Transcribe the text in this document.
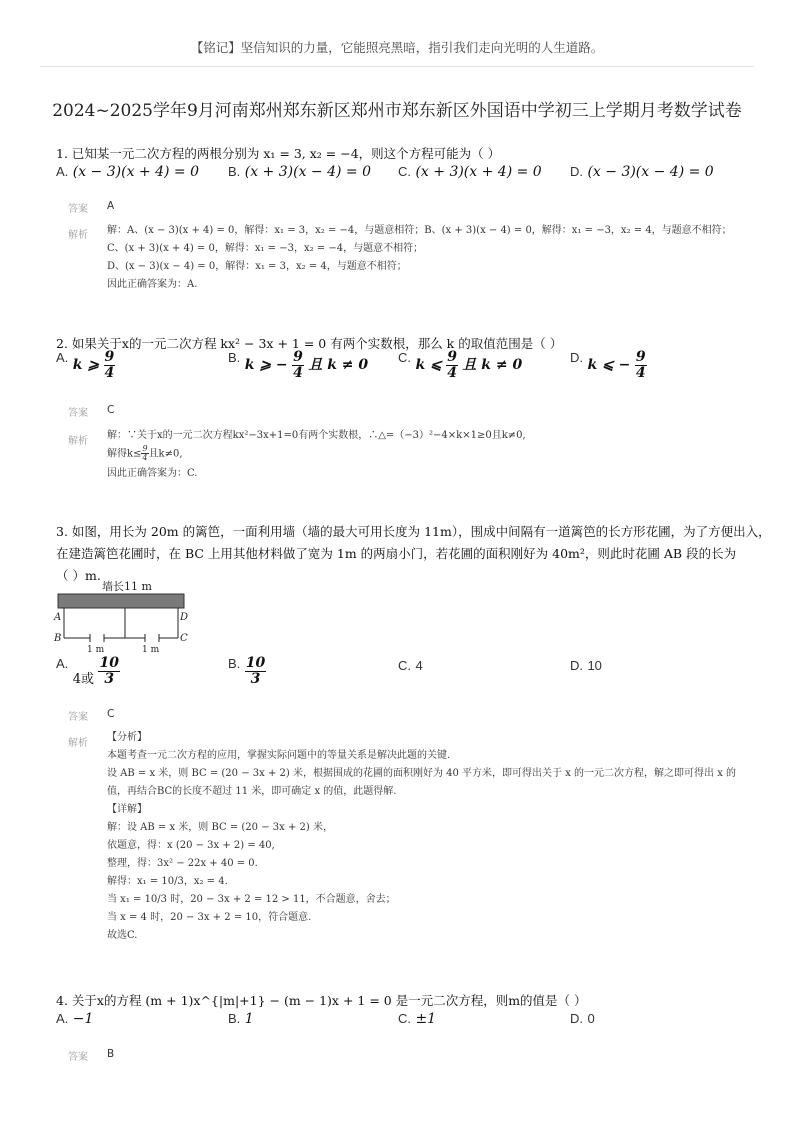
【铭记】坚信知识的力量，它能照亮黑暗，指引我们走向光明的人生道路。
2024~2025学年9月河南郑州郑东新区郑州市郑东新区外国语中学初三上学期月考数学试卷
1. 已知某一元二次方程的两根分别为 x₁ = 3, x₂ = −4，则这个方程可能为（ ）
A. (x − 3)(x + 4) = 0 B. (x + 3)(x − 4) = 0 C. (x + 3)(x + 4) = 0 D. (x − 3)(x − 4) = 0
答案 A
解析 解：A、(x − 3)(x + 4) = 0，解得：x₁ = 3，x₂ = −4，与题意相符；B、(x + 3)(x − 4) = 0，解得：x₁ = −3，x₂ = 4，与题意不相符；
C、(x + 3)(x + 4) = 0，解得：x₁ = −3，x₂ = −4，与题意不相符；
D、(x − 3)(x − 4) = 0，解得：x₁ = 3，x₂ = 4，与题意不相符；
因此正确答案为：A.
2. 如果关于x的一元二次方程 kx² − 3x + 1 = 0 有两个实数根，那么 k 的取值范围是（ ）
A. k ⩾ $\frac{9}{4}$	B. k ⩾ − $\frac{9}{4}$ 且 k ≠ 0 C. k ⩽ $\frac{9}{4}$ 且 k ≠ 0	D. k ⩽ − $\frac{9}{4}$
答案 C
解析
解：∵关于x的一元二次方程kx²−3x+1=0有两个实数根，∴△=（−3）²−4×k×1≥0且k≠0,
解得$k\le \frac{9}{4}$ 且k≠0,
因此正确答案为：C.
3. 如图，用长为 20m 的篱笆，一面利用墙（墙的最大可用长度为 11m），围成中间隔有一道篱笆的长方形花圃，为了方便出入，
在建造篱笆花圃时，在 BC 上用其他材料做了宽为 1m 的两扇小门，若花圃的面积刚好为 40m²，则此时花圃 AB 段的长为
（ ）m.
墙长11 m
A	D
B	C
1 m	1 m
A. 4或 $\frac{10}{3}$	B. $\frac{10}{3}$	C. 4	D. 10
答案 C
解析
【分析】
本题考查一元二次方程的应用，掌握实际问题中的等量关系是解决此题的关键.
设 AB = x 米，则 BC = (20 − 3x + 2) 米，根据围成的花圃的面积刚好为 40 平方米，即可得出关于 x 的一元二次方程，解之即可得出 x 的
值，再结合BC的长度不超过 11 米，即可确定 x 的值，此题得解.
【详解】
解：设 AB = x 米，则 BC = (20 − 3x + 2) 米，
依题意，得：x (20 − 3x + 2) = 40,
整理，得：3x² − 22x + 40 = 0.
解得：x₁ = 10/3，x₂ = 4.
当 x₁ = 10/3 时，20 − 3x + 2 = 12 > 11，不合题意，舍去；
当 x = 4 时，20 − 3x + 2 = 10，符合题意.
故选C.
4. 关于x的方程 (m + 1)x^{|m|+1} − (m − 1)x + 1 = 0 是一元二次方程，则m的值是（ ）
A. −1	B. 1	C. ±1	D. 0
答案 B
